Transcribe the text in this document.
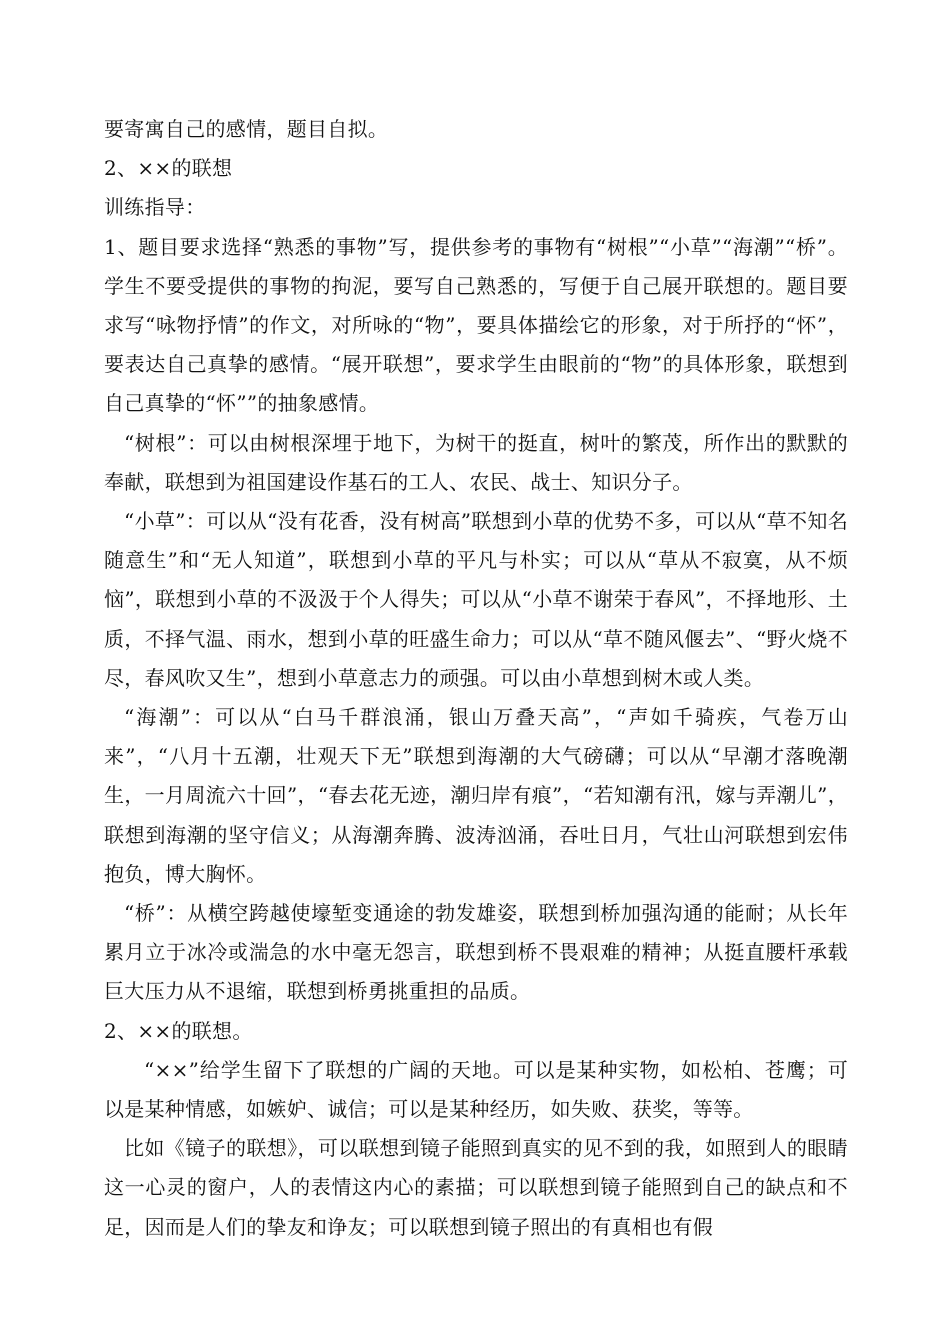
要寄寓自己的感情，题目自拟。

2、××的联想

训练指导：

1、题目要求选择“熟悉的事物”写，提供参考的事物有“树根”“小草”“海潮”“桥”。学生不要受提供的事物的拘泥，要写自己熟悉的，写便于自己展开联想的。题目要求写“咏物抒情”的作文，对所咏的“物”，要具体描绘它的形象，对于所抒的“怀”，要表达自己真挚的感情。“展开联想”，要求学生由眼前的“物”的具体形象，联想到自己真挚的“怀””的抽象感情。

“树根”：可以由树根深埋于地下，为树干的挺直，树叶的繁茂，所作出的默默的奉献，联想到为祖国建设作基石的工人、农民、战士、知识分子。

“小草”：可以从“没有花香，没有树高”联想到小草的优势不多，可以从“草不知名随意生”和“无人知道”，联想到小草的平凡与朴实；可以从“草从不寂寞，从不烦恼”，联想到小草的不汲汲于个人得失；可以从“小草不谢荣于春风”，不择地形、土质，不择气温、雨水，想到小草的旺盛生命力；可以从“草不随风偃去”、“野火烧不尽，春风吹又生”，想到小草意志力的顽强。可以由小草想到树木或人类。

“海潮”：可以从“白马千群浪涌，银山万叠天高”，“声如千骑疾，气卷万山来”，“八月十五潮，壮观天下无”联想到海潮的大气磅礴；可以从“早潮才落晚潮生，一月周流六十回”，“春去花无迹，潮归岸有痕”，“若知潮有汛，嫁与弄潮儿”，联想到海潮的坚守信义；从海潮奔腾、波涛汹涌，吞吐日月，气壮山河联想到宏伟抱负，博大胸怀。

“桥”：从横空跨越使壕堑变通途的勃发雄姿，联想到桥加强沟通的能耐；从长年累月立于冰冷或湍急的水中毫无怨言，联想到桥不畏艰难的精神；从挺直腰杆承载巨大压力从不退缩，联想到桥勇挑重担的品质。

2、××的联想。

“××”给学生留下了联想的广阔的天地。可以是某种实物，如松柏、苍鹰；可以是某种情感，如嫉妒、诚信；可以是某种经历，如失败、获奖，等等。

比如《镜子的联想》，可以联想到镜子能照到真实的见不到的我，如照到人的眼睛这一心灵的窗户，人的表情这内心的素描；可以联想到镜子能照到自己的缺点和不足，因而是人们的挚友和诤友；可以联想到镜子照出的有真相也有假
